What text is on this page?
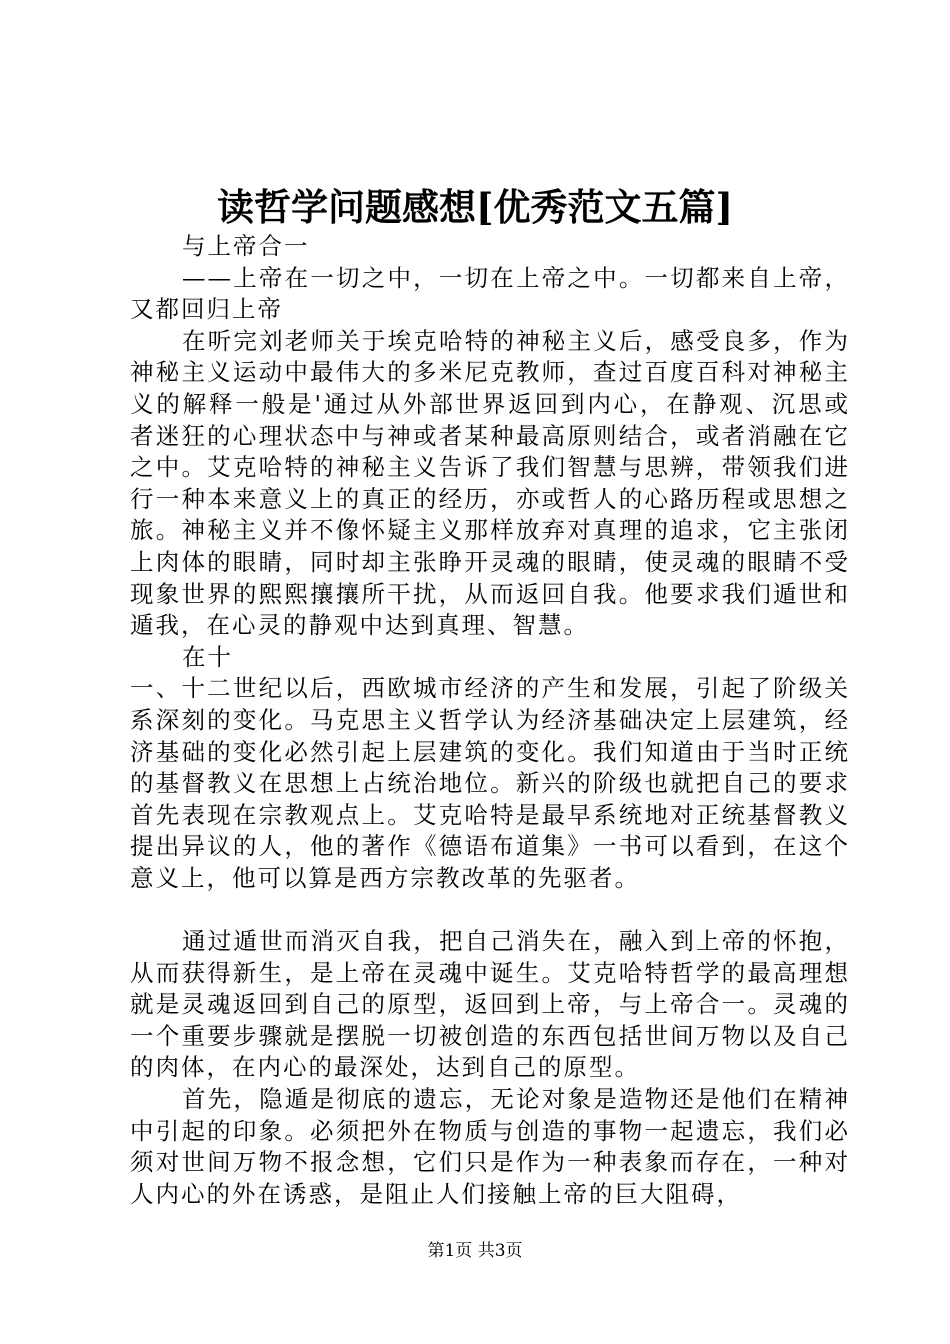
读哲学问题感想[优秀范文五篇]

与上帝合一

——上帝在一切之中，一切在上帝之中。一切都来自上帝，又都回归上帝

在听完刘老师关于埃克哈特的神秘主义后，感受良多，作为神秘主义运动中最伟大的多米尼克教师，查过百度百科对神秘主义的解释一般是'通过从外部世界返回到内心，在静观、沉思或者迷狂的心理状态中与神或者某种最高原则结合，或者消融在它之中。艾克哈特的神秘主义告诉了我们智慧与思辨，带领我们进行一种本来意义上的真正的经历，亦或哲人的心路历程或思想之旅。神秘主义并不像怀疑主义那样放弃对真理的追求，它主张闭上肉体的眼睛，同时却主张睁开灵魂的眼睛，使灵魂的眼睛不受现象世界的熙熙攘攘所干扰，从而返回自我。他要求我们遁世和遁我，在心灵的静观中达到真理、智慧。

在十

一、十二世纪以后，西欧城市经济的产生和发展，引起了阶级关系深刻的变化。马克思主义哲学认为经济基础决定上层建筑，经济基础的变化必然引起上层建筑的变化。我们知道由于当时正统的基督教义在思想上占统治地位。新兴的阶级也就把自己的要求首先表现在宗教观点上。艾克哈特是最早系统地对正统基督教义提出异议的人，他的著作《德语布道集》一书可以看到，在这个意义上，他可以算是西方宗教改革的先驱者。

通过遁世而消灭自我，把自己消失在，融入到上帝的怀抱，从而获得新生，是上帝在灵魂中诞生。艾克哈特哲学的最高理想就是灵魂返回到自己的原型，返回到上帝，与上帝合一。灵魂的一个重要步骤就是摆脱一切被创造的东西包括世间万物以及自己的肉体，在内心的最深处，达到自己的原型。

首先，隐遁是彻底的遗忘，无论对象是造物还是他们在精神中引起的印象。必须把外在物质与创造的事物一起遗忘，我们必须对世间万物不报念想，它们只是作为一种表象而存在，一种对人内心的外在诱惑，是阻止人们接触上帝的巨大阻碍，

第1页 共3页
